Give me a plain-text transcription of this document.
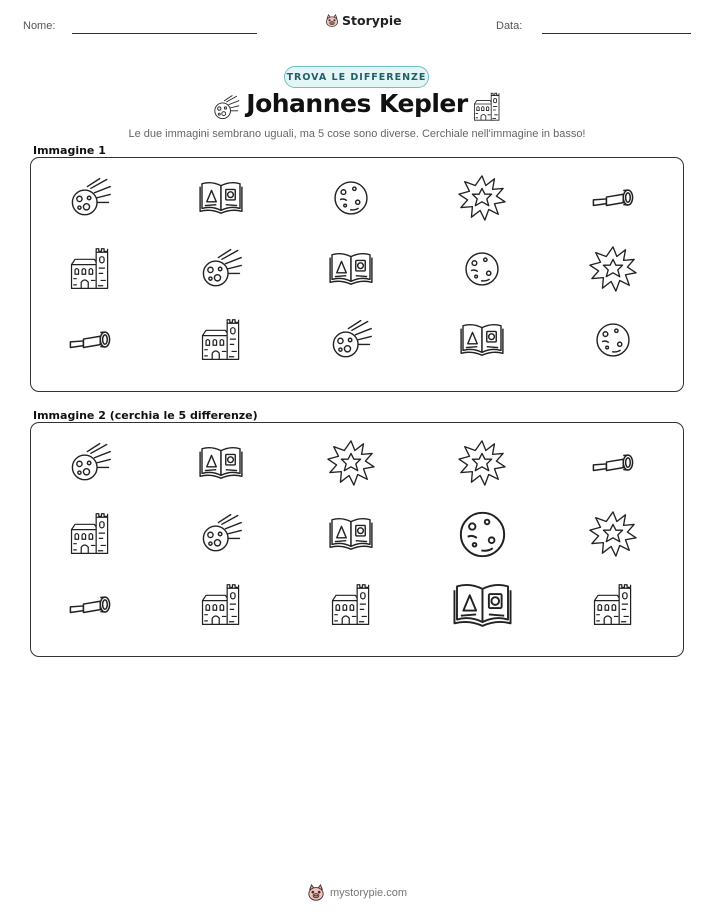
Nome:	Storypie	Data:
TROVA LE DIFFERENZE
Johannes Kepler
Le due immagini sembrano uguali, ma 5 cose sono diverse. Cerchiale nell'immagine in basso!
Immagine 1
Immagine 2 (cerchia le 5 differenze)
mystorypie.com
